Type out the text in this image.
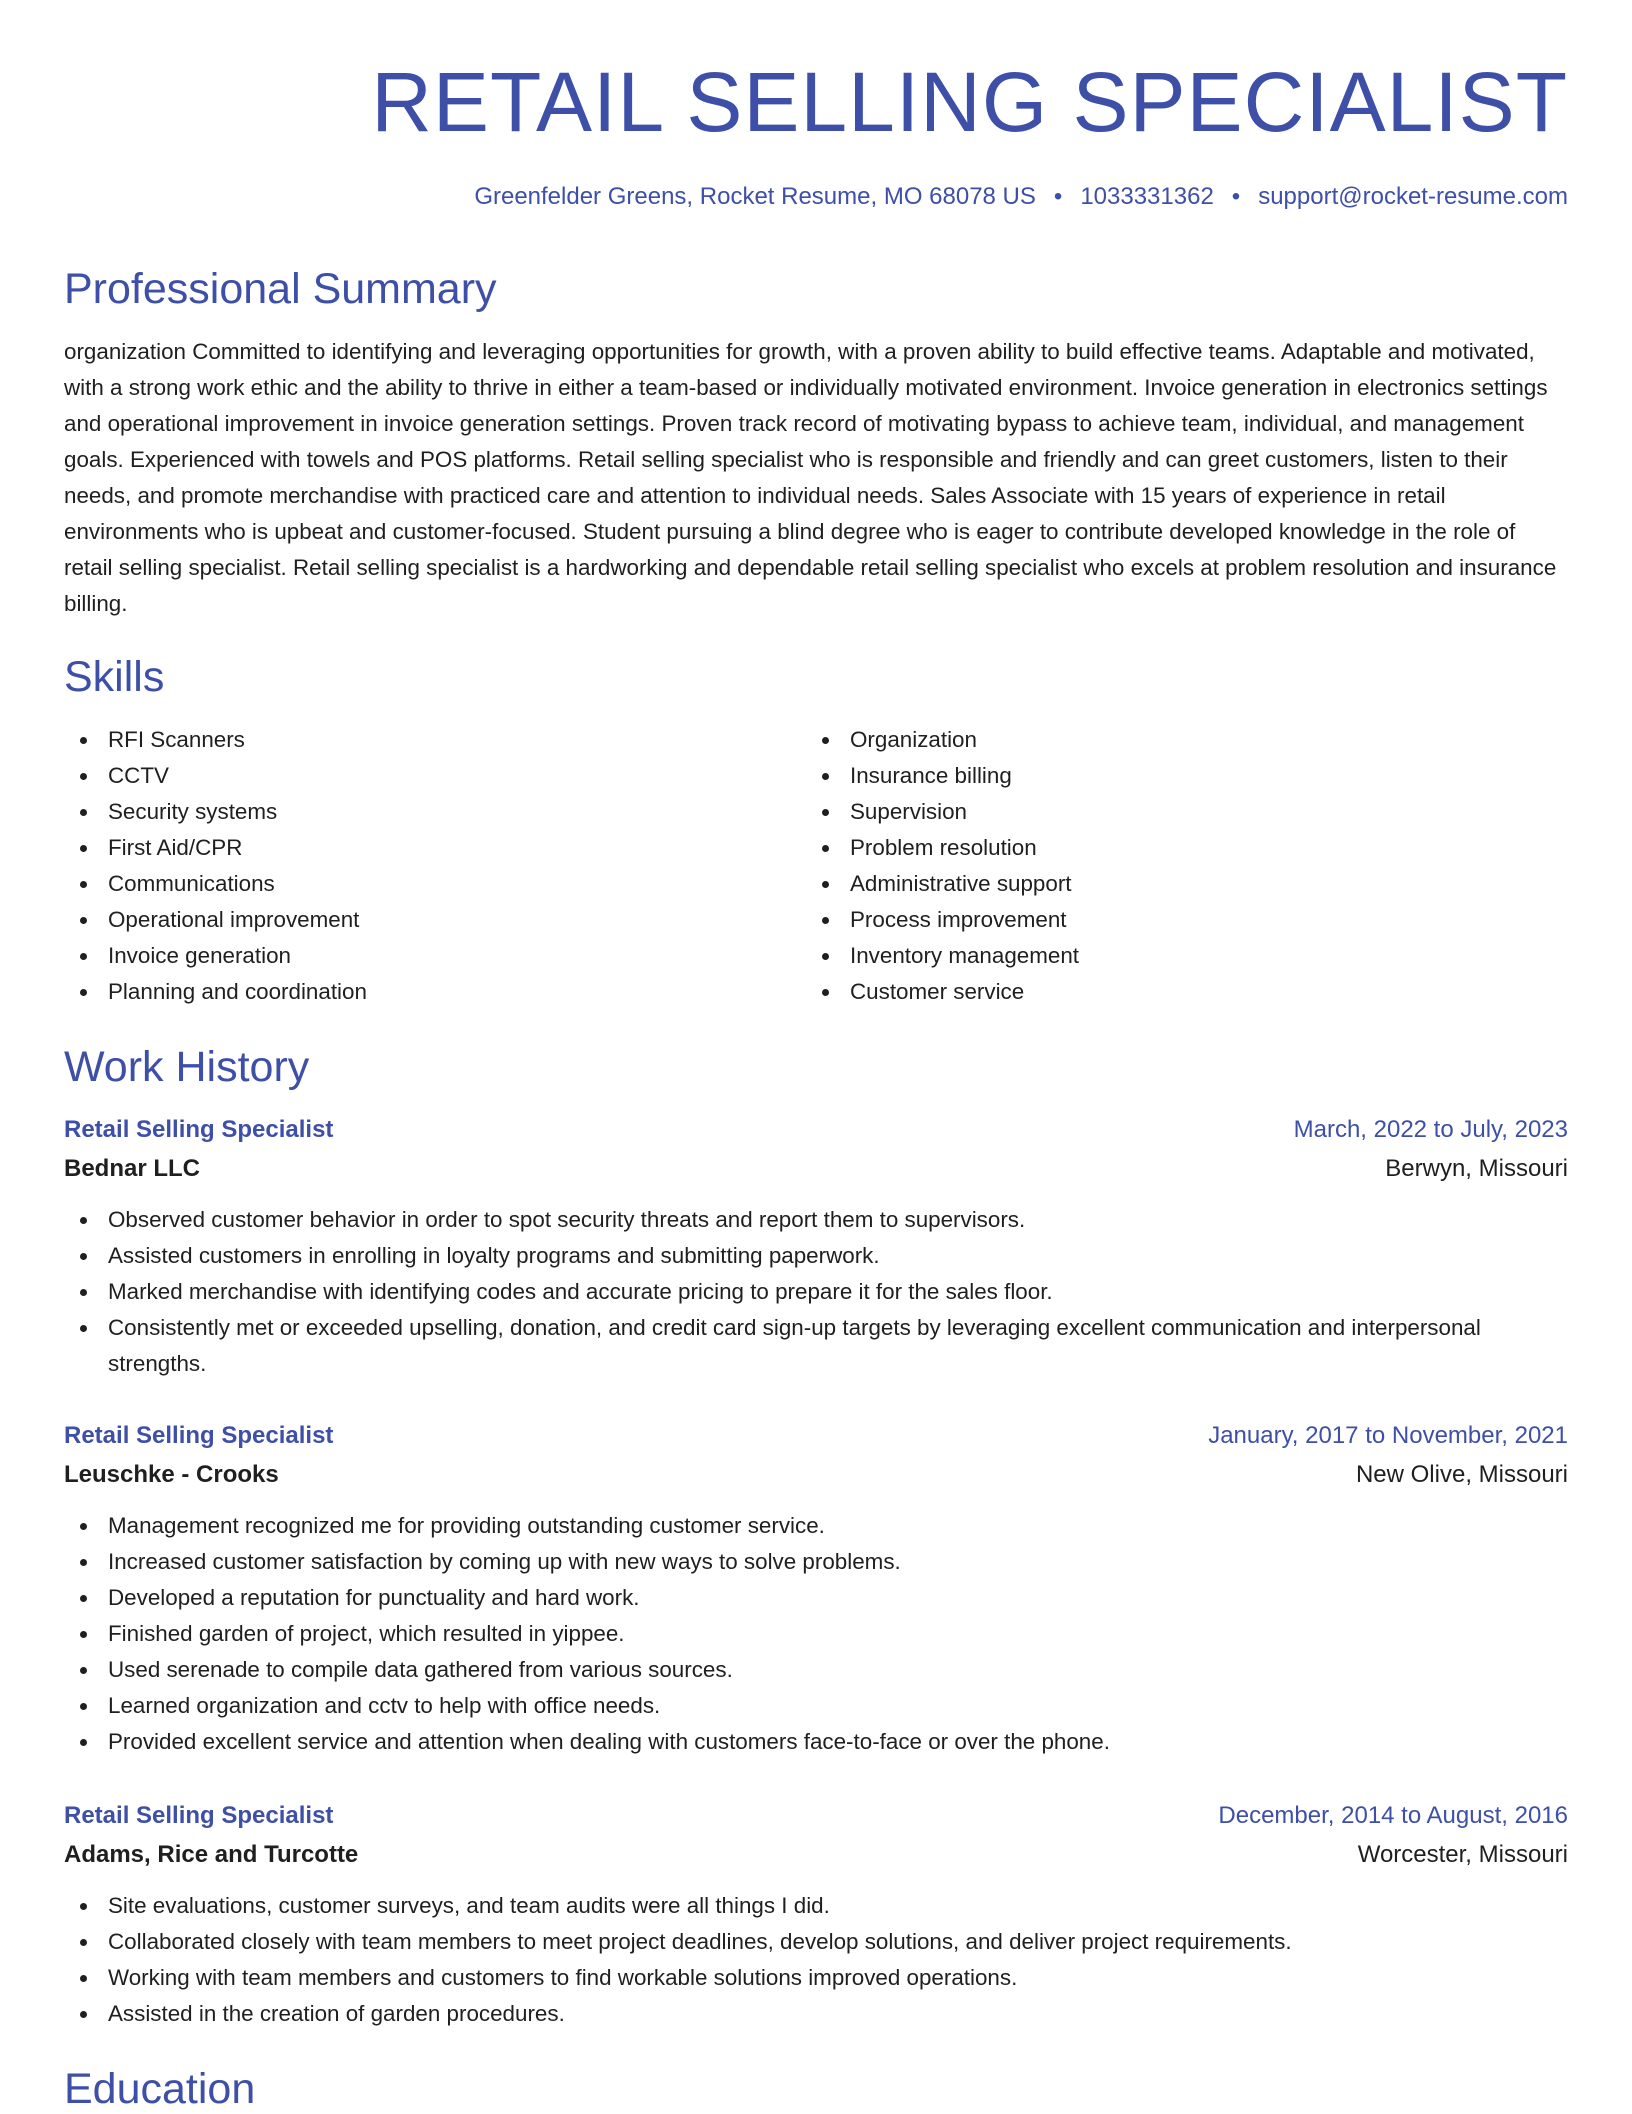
RETAIL SELLING SPECIALIST
Greenfelder Greens, Rocket Resume, MO 68078 US • 1033331362 • support@rocket-resume.com
Professional Summary

organization Committed to identifying and leveraging opportunities for growth, with a proven ability to build effective teams. Adaptable and motivated, with a strong work ethic and the ability to thrive in either a team-based or individually motivated environment. Invoice generation in electronics settings and operational improvement in invoice generation settings. Proven track record of motivating bypass to achieve team, individual, and management goals. Experienced with towels and POS platforms. Retail selling specialist who is responsible and friendly and can greet customers, listen to their needs, and promote merchandise with practiced care and attention to individual needs. Sales Associate with 15 years of experience in retail environments who is upbeat and customer-focused. Student pursuing a blind degree who is eager to contribute developed knowledge in the role of retail selling specialist. Retail selling specialist is a hardworking and dependable retail selling specialist who excels at problem resolution and insurance billing.

Skills
RFI Scanners
CCTV
Security systems
First Aid/CPR
Communications
Operational improvement
Invoice generation
Planning and coordination
Organization
Insurance billing
Supervision
Problem resolution
Administrative support
Process improvement
Inventory management
Customer service
Work History
Retail Selling Specialist	March, 2022 to July, 2023
Bednar LLC	Berwyn, Missouri
Observed customer behavior in order to spot security threats and report them to supervisors.
Assisted customers in enrolling in loyalty programs and submitting paperwork.
Marked merchandise with identifying codes and accurate pricing to prepare it for the sales floor.
Consistently met or exceeded upselling, donation, and credit card sign-up targets by leveraging excellent communication and interpersonal strengths.
Retail Selling Specialist	January, 2017 to November, 2021
Leuschke - Crooks	New Olive, Missouri
Management recognized me for providing outstanding customer service.
Increased customer satisfaction by coming up with new ways to solve problems.
Developed a reputation for punctuality and hard work.
Finished garden of project, which resulted in yippee.
Used serenade to compile data gathered from various sources.
Learned organization and cctv to help with office needs.
Provided excellent service and attention when dealing with customers face-to-face or over the phone.
Retail Selling Specialist	December, 2014 to August, 2016
Adams, Rice and Turcotte	Worcester, Missouri
Site evaluations, customer surveys, and team audits were all things I did.
Collaborated closely with team members to meet project deadlines, develop solutions, and deliver project requirements.
Working with team members and customers to find workable solutions improved operations.
Assisted in the creation of garden procedures.
Education
